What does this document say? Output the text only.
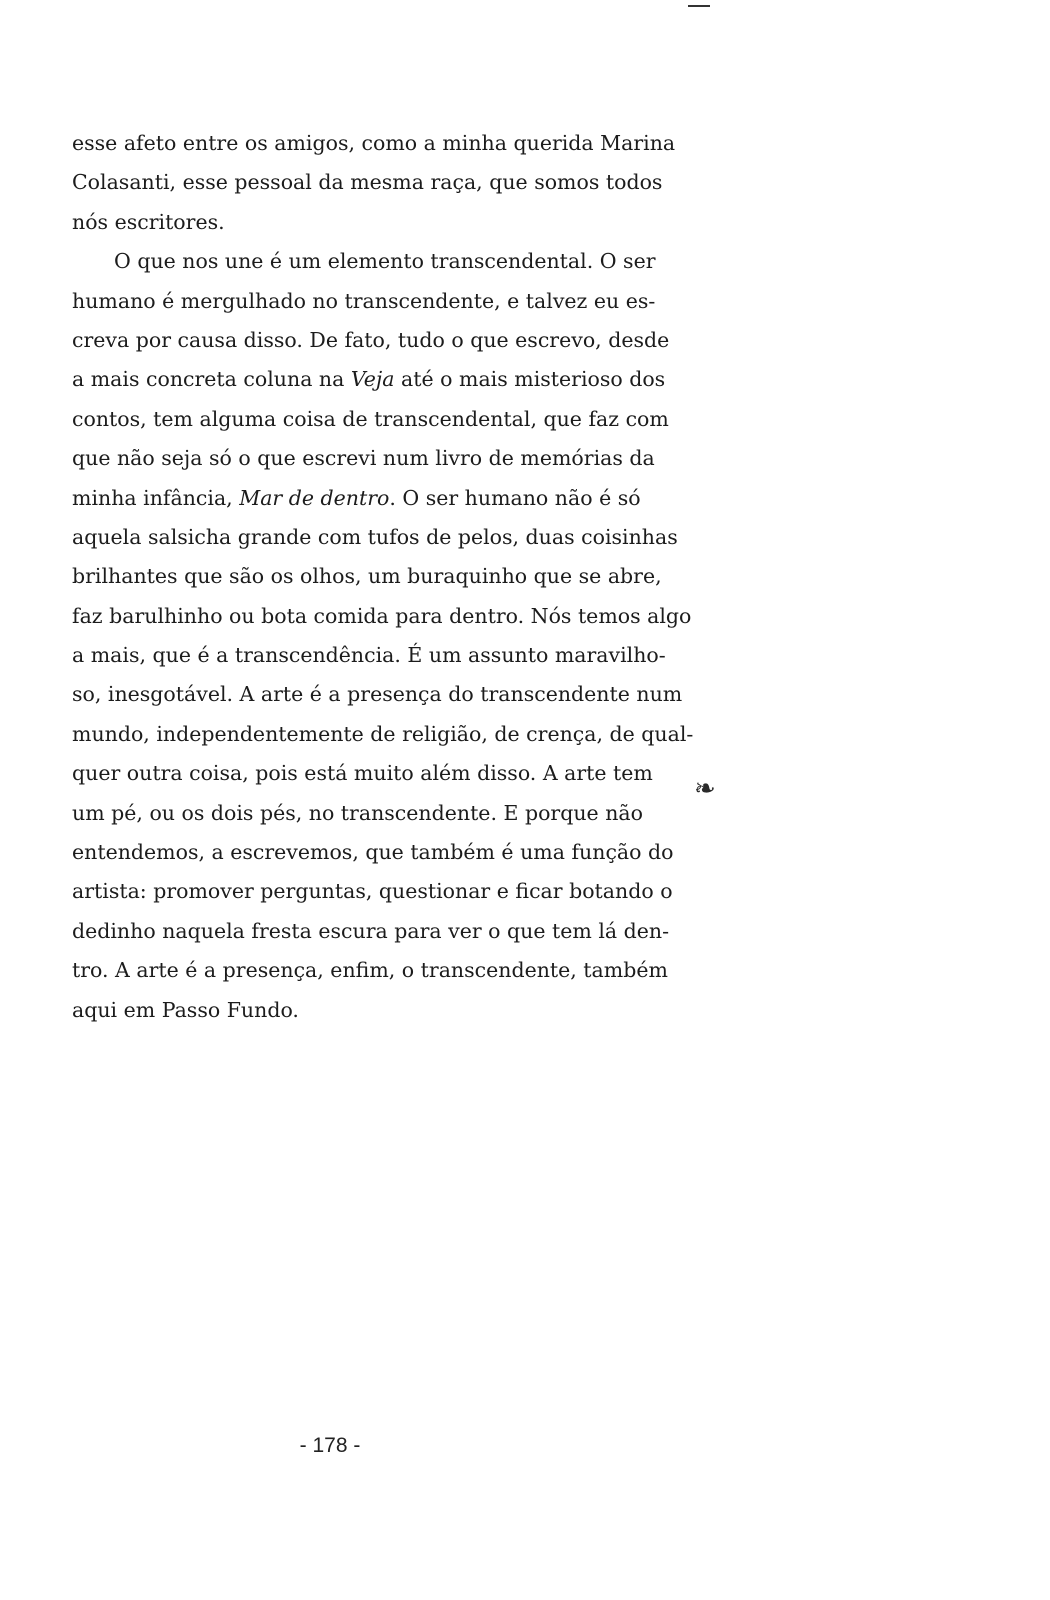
esse afeto entre os amigos, como a minha querida Marina
Colasanti, esse pessoal da mesma raça, que somos todos
nós escritores.
O que nos une é um elemento transcendental. O ser
humano é mergulhado no transcendente, e talvez eu es-
creva por causa disso. De fato, tudo o que escrevo, desde
a mais concreta coluna na Veja até o mais misterioso dos
contos, tem alguma coisa de transcendental, que faz com
que não seja só o que escrevi num livro de memórias da
minha infância, Mar de dentro. O ser humano não é só
aquela salsicha grande com tufos de pelos, duas coisinhas
brilhantes que são os olhos, um buraquinho que se abre,
faz barulhinho ou bota comida para dentro. Nós temos algo
a mais, que é a transcendência. É um assunto maravilho-
so, inesgotável. A arte é a presença do transcendente num
mundo, independentemente de religião, de crença, de qual-
quer outra coisa, pois está muito além disso. A arte tem
um pé, ou os dois pés, no transcendente. E porque não
entendemos, a escrevemos, que também é uma função do
artista: promover perguntas, questionar e ficar botando o
dedinho naquela fresta escura para ver o que tem lá den-
tro. A arte é a presença, enfim, o transcendente, também
aqui em Passo Fundo.
❧
- 178 -
